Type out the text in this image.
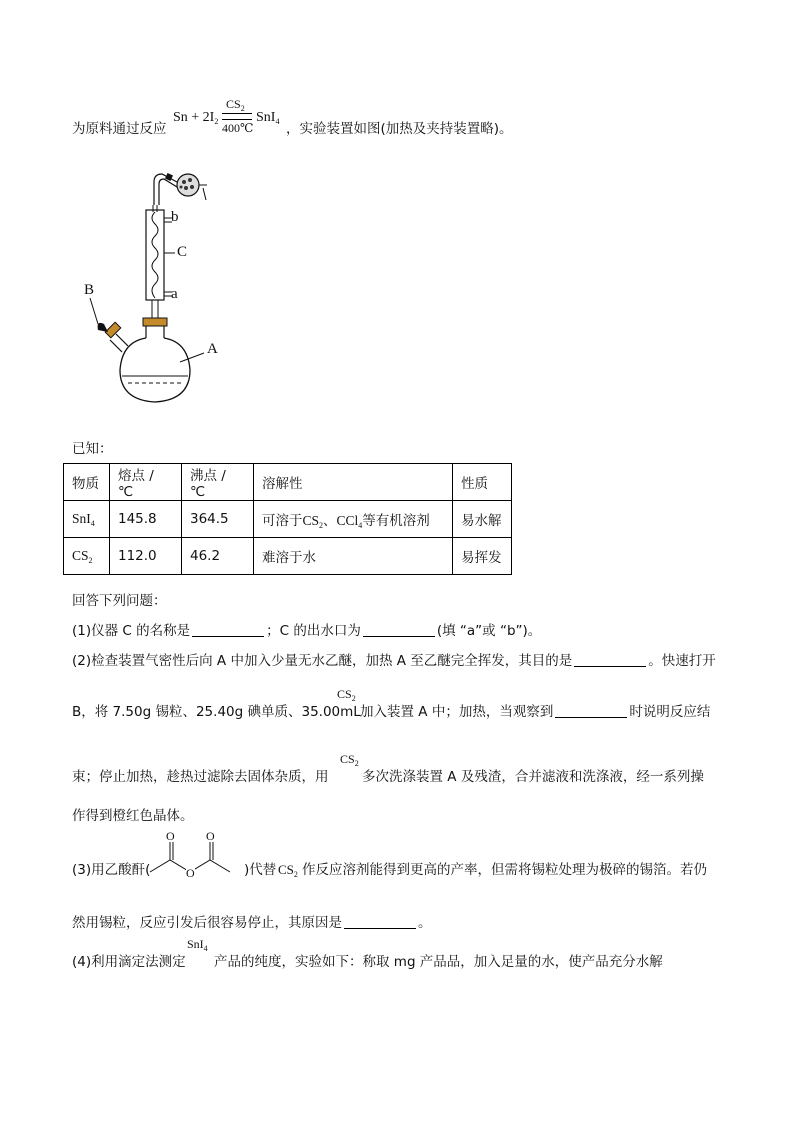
为原料通过反应
$Sn + 2I_2$
$CS_2$
400℃
SnI$_4$ ，实验装置如图(加热及夹持装置略)。
b
C
a
B
A
已知：
物质	熔点 / ℃	沸点 / ℃	溶解性	性质
SnI$_4$	145.8	364.5	可溶于$CS_2$、CCl$_4$等有机溶剂	易水解
$CS_2$	112.0	46.2	难溶于水	易挥发
回答下列问题：
(1)仪器 C 的名称是	；C 的出水口为	(填 “a”或 “b”)。
(2)检查装置气密性后向 A 中加入少量无水乙醚，加热 A 至乙醚完全挥发，其目的是	。快速打开
B，将 7.50g 锡粒、25.40g 碘单质、35.00mL
$CS_2$
加入装置 A 中；加热，当观察到	时说明反应结
束；停止加热，趁热过滤除去固体杂质，用
$CS_2$
多次洗涤装置 A 及残渣，合并滤液和洗涤液，经一系列操
作得到橙红色晶体。
(3)用乙酸酐(
O
O
O
)代替 $CS_2$ 作反应溶剂能得到更高的产率，但需将锡粒处理为极碎的锡箔。若仍
然用锡粒，反应引发后很容易停止，其原因是	。
(4)利用滴定法测定
SnI$_4$
产品的纯度，实验如下：称取 mg 产品品，加入足量的水，使产品充分水解
